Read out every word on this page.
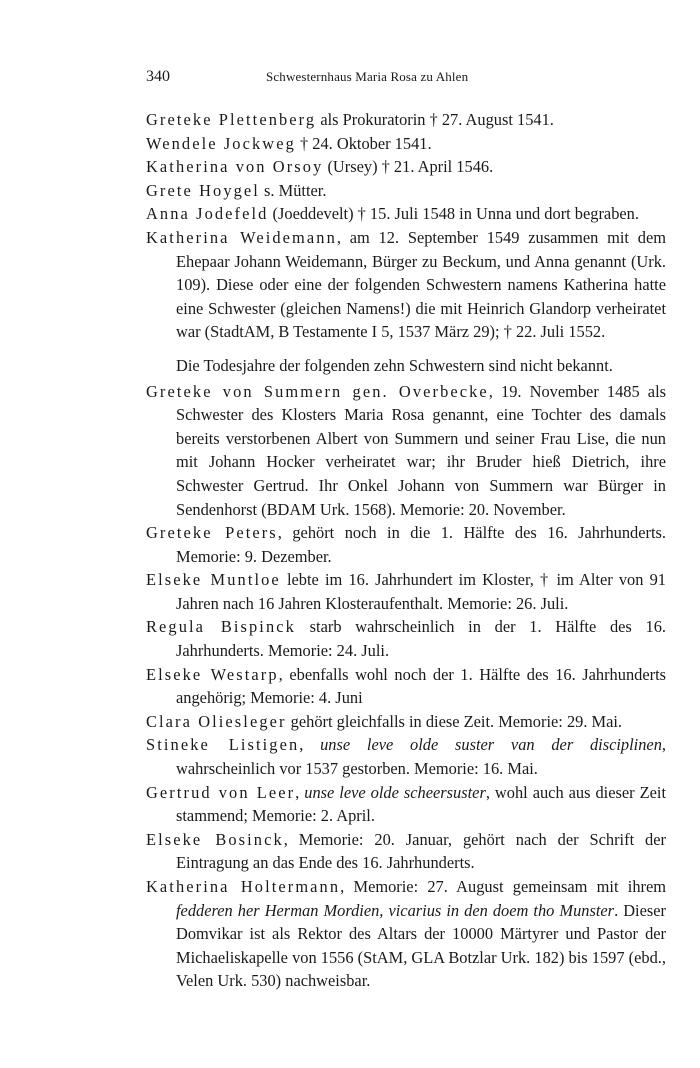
340	Schwesternhaus Maria Rosa zu Ahlen

Greteke Plettenberg als Prokuratorin † 27. August 1541.

Wendele Jockweg † 24. Oktober 1541.

Katherina von Orsoy (Ursey) † 21. April 1546.

Grete Hoygel s. Mütter.

Anna Jodefeld (Joeddevelt) † 15. Juli 1548 in Unna und dort begraben.

Katherina Weidemann, am 12. September 1549 zusammen mit dem Ehepaar Johann Weidemann, Bürger zu Beckum, und Anna genannt (Urk. 109). Diese oder eine der folgenden Schwestern namens Katherina hatte eine Schwester (gleichen Namens!) die mit Heinrich Glandorp verheiratet war (StadtAM, B Testamente I 5, 1537 März 29); † 22. Juli 1552.

Die Todesjahre der folgenden zehn Schwestern sind nicht bekannt.

Greteke von Summern gen. Overbecke, 19. November 1485 als Schwester des Klosters Maria Rosa genannt, eine Tochter des damals bereits verstorbenen Albert von Summern und seiner Frau Lise, die nun mit Johann Hocker verheiratet war; ihr Bruder hieß Dietrich, ihre Schwester Gertrud. Ihr Onkel Johann von Summern war Bürger in Sendenhorst (BDAM Urk. 1568). Memorie: 20. November.

Greteke Peters, gehört noch in die 1. Hälfte des 16. Jahrhunderts. Memorie: 9. Dezember.

Elseke Muntloe lebte im 16. Jahrhundert im Kloster, † im Alter von 91 Jahren nach 16 Jahren Klosteraufenthalt. Memorie: 26. Juli.

Regula Bispinck starb wahrscheinlich in der 1. Hälfte des 16. Jahrhunderts. Memorie: 24. Juli.

Elseke Westarp, ebenfalls wohl noch der 1. Hälfte des 16. Jahrhunderts angehörig; Memorie: 4. Juni

Clara Oliesleger gehört gleichfalls in diese Zeit. Memorie: 29. Mai.

Stineke Listigen, unse leve olde suster van der disciplinen, wahrscheinlich vor 1537 gestorben. Memorie: 16. Mai.

Gertrud von Leer, unse leve olde scheersuster, wohl auch aus dieser Zeit stammend; Memorie: 2. April.

Elseke Bosinck, Memorie: 20. Januar, gehört nach der Schrift der Eintragung an das Ende des 16. Jahrhunderts.

Katherina Holtermann, Memorie: 27. August gemeinsam mit ihrem fedderen her Herman Mordien, vicarius in den doem tho Munster. Dieser Domvikar ist als Rektor des Altars der 10000 Märtyrer und Pastor der Michaeliskapelle von 1556 (StAM, GLA Botzlar Urk. 182) bis 1597 (ebd., Velen Urk. 530) nachweisbar.
